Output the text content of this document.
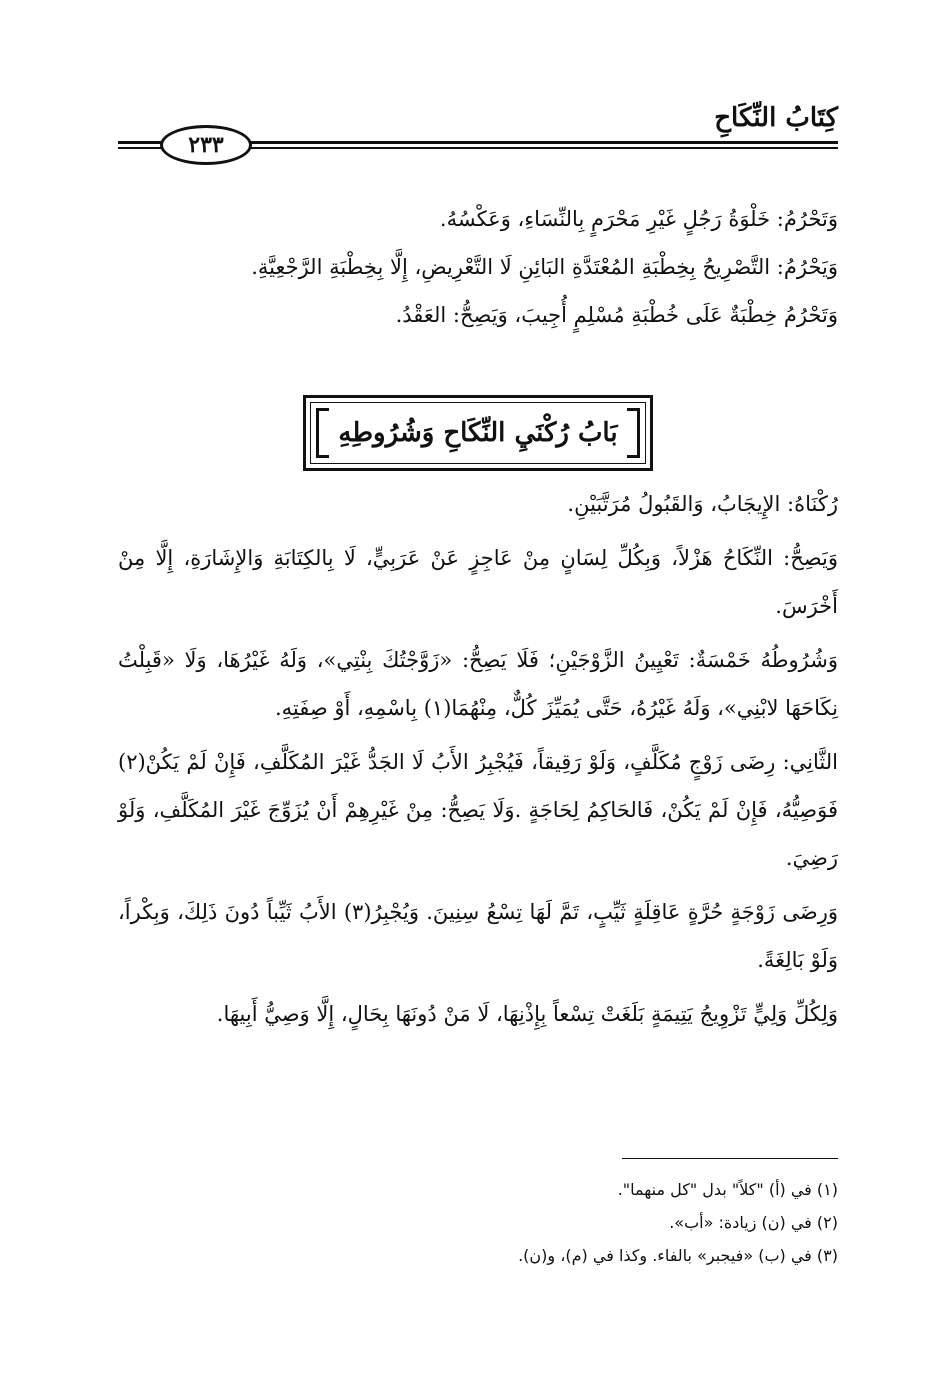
كِتَابُ النِّكَاحِ
٢٣٣

وَتَحْرُمُ: خَلْوَةُ رَجُلٍ غَيْرِ مَحْرَمٍ بِالنِّسَاءِ، وَعَكْسُهُ.

وَيَحْرُمُ: التَّصْرِيحُ بِخِطْبَةِ المُعْتَدَّةِ البَائِنِ لَا التَّعْرِيضِ، إِلَّا بِخِطْبَةِ الرَّجْعِيَّةِ.

وَتَحْرُمُ خِطْبَةٌ عَلَى خُطْبَةِ مُسْلِمٍ أُجِيبَ، وَيَصِحُّ: العَقْدُ.

بَابُ رُكْنَيِ النِّكَاحِ وَشُرُوطِهِ

رُكْنَاهُ: الإِيجَابُ، وَالقَبُولُ مُرَتَّبَيْنِ.

وَيَصِحُّ: النِّكَاحُ هَزْلاً، وَبِكُلِّ لِسَانٍ مِنْ عَاجِزٍ عَنْ عَرَبِيٍّ، لَا بِالكِتَابَةِ وَالإِشَارَةِ، إِلَّا مِنْ أَخْرَسَ.

وَشُرُوطُهُ خَمْسَةٌ: تَعْيِينُ الزَّوْجَيْنِ؛ فَلَا يَصِحُّ: «زَوَّجْتُكَ بِنْتِي»، وَلَهُ غَيْرُهَا، وَلَا «قَبِلْتُ نِكَاحَهَا لابْنِي»، وَلَهُ غَيْرُهُ، حَتَّى يُمَيِّزَ كُلٌّ، مِنْهُمَا(١) بِاسْمِهِ، أَوْ صِفَتِهِ.

الثَّانِي: رِضَى زَوْجٍ مُكَلَّفٍ، وَلَوْ رَقِيقاً، فَيُجْبِرُ الأَبُ لَا الجَدُّ غَيْرَ المُكَلَّفِ، فَإِنْ لَمْ يَكُنْ(٢) فَوَصِيُّهُ، فَإِنْ لَمْ يَكُنْ، فَالحَاكِمُ لِحَاجَةٍ .وَلَا يَصِحُّ: مِنْ غَيْرِهِمْ أَنْ يُزَوِّجَ غَيْرَ المُكَلَّفِ، وَلَوْ رَضِيَ.

وَرِضَى زَوْجَةٍ حُرَّةٍ عَاقِلَةٍ ثَيِّبٍ، تَمَّ لَهَا تِسْعُ سِنِينَ. وَيُجْبِرُ(٣) الأَبُ ثَيِّباً دُونَ ذَلِكَ، وَبِكْراً، وَلَوْ بَالِغَةً.

وَلِكُلِّ وَلِيٍّ تَزْوِيجُ يَتِيمَةٍ بَلَغَتْ تِسْعاً بِإِذْنِهَا، لَا مَنْ دُونَهَا بِحَالٍ، إِلَّا وَصِيُّ أَبِيهَا.

(١) في (أ) "كلاً" بدل "كل منهما".

(٢) في (ن) زيادة: «أب».

(٣) في (ب) «فيجبر» بالفاء. وكذا في (م)، و(ن).
